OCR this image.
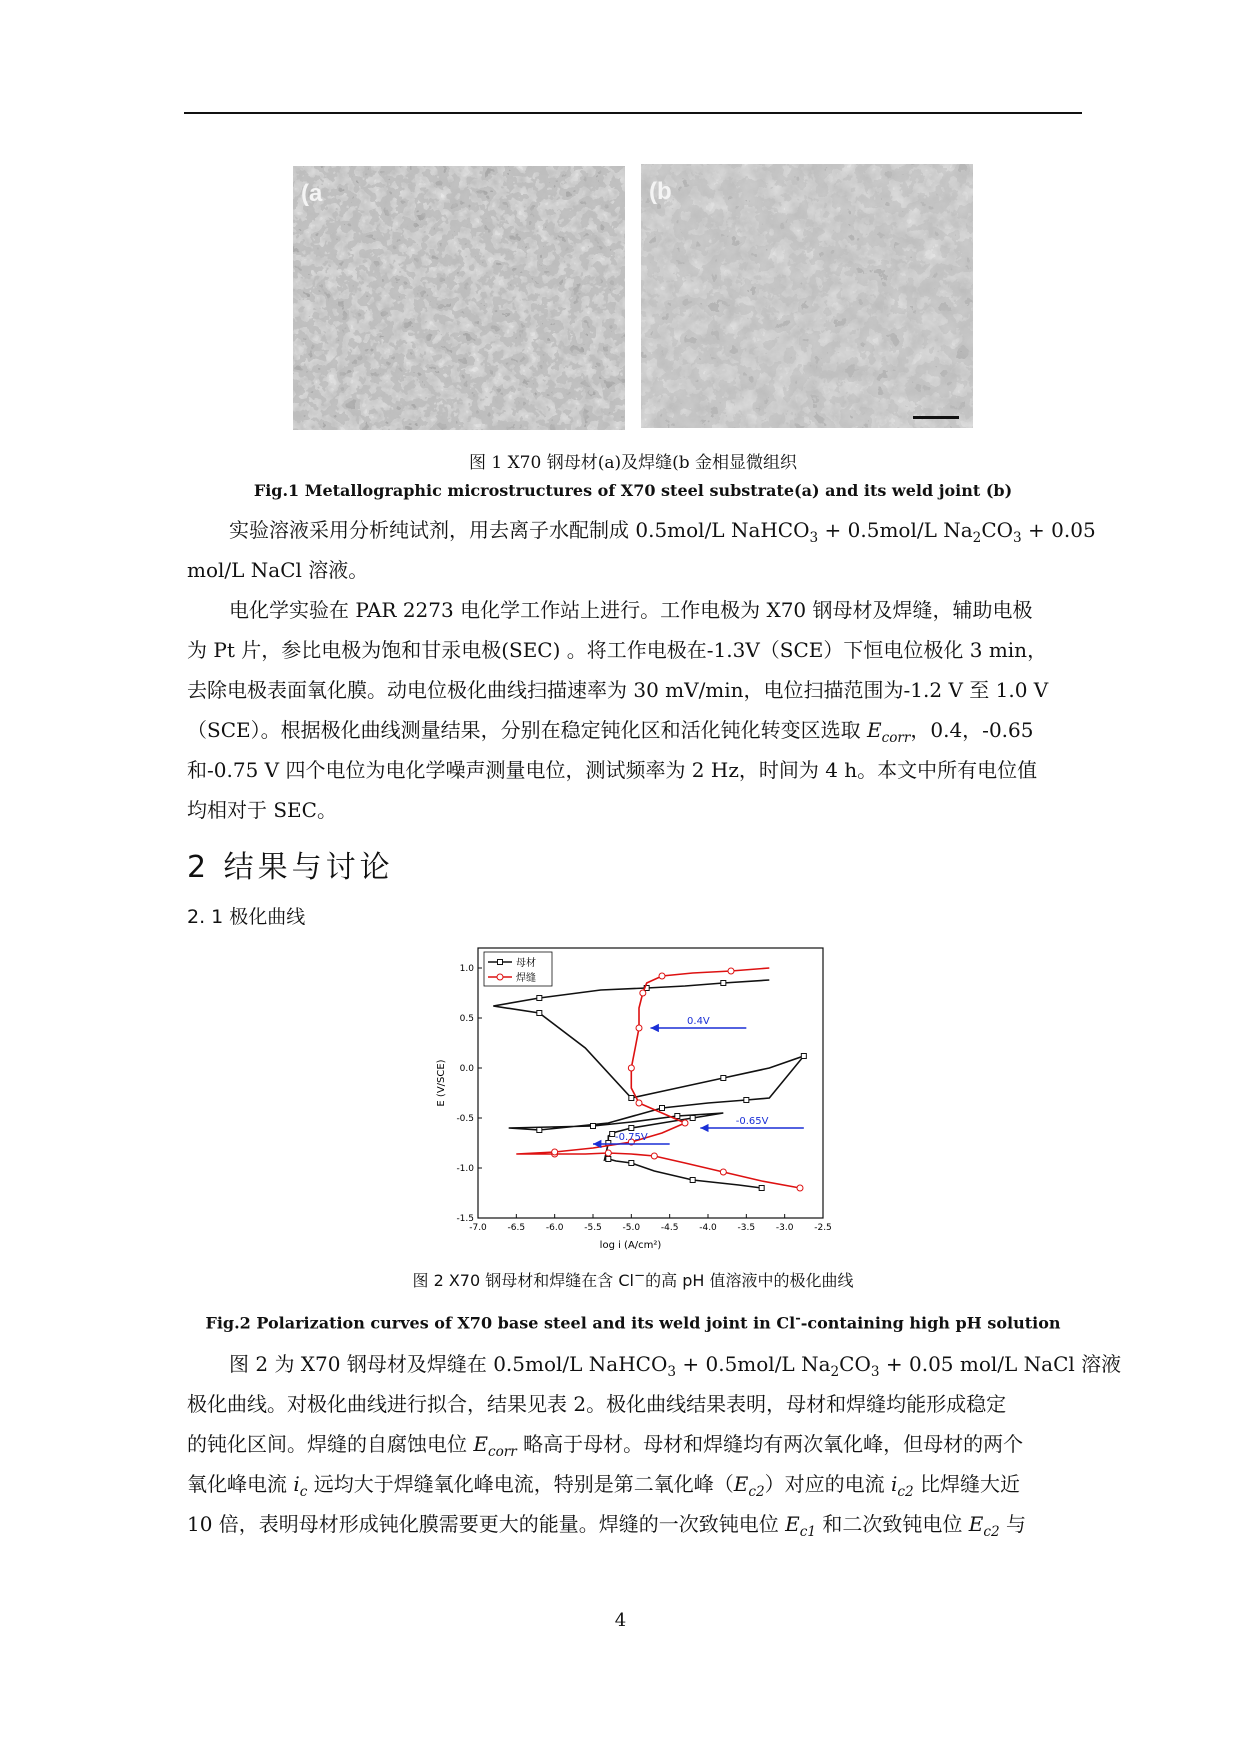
(a	(b
图 1 X70 钢母材(a)及焊缝(b 金相显微组织
Fig.1 Metallographic microstructures of X70 steel substrate(a) and its weld joint (b)
实验溶液采用分析纯试剂，用去离子水配制成 0.5mol/L NaHCO$_3$ + 0.5mol/L $Na_2CO_3 + 0.05$
mol/L NaCl 溶液。
电化学实验在 PAR 2273 电化学工作站上进行。工作电极为 X70 钢母材及焊缝，辅助电极
为 Pt 片，参比电极为饱和甘汞电极(SEC) 。将工作电极在-1.3V（SCE）下恒电位极化 3 min，
去除电极表面氧化膜。动电位极化曲线扫描速率为 30 mV/min，电位扫描范围为-1.2 V 至 1.0 V
（SCE）。根据极化曲线测量结果，分别在稳定钝化区和活化钝化转变区选取 $E_{corr}$，0.4，-0.65
和-0.75 V 四个电位为电化学噪声测量电位，测试频率为 2 Hz，时间为 4 h。本文中所有电位值
均相对于 SEC。
2 结果与讨论
2. 1 极化曲线
-7.0 -6.5 -6.0 -5.5 -5.0 -4.5 -4.0 -3.5 -3.0 -2.5
1.0
0.5
0.0
-0.5
-1.0
-1.5
log i (A/cm²)
E (V/SCE)
母材
焊缝
0.4V
-0.65V
-0.75V
图 2 X70 钢母材和焊缝在含 Cl−的高 pH 值溶液中的极化曲线
Fig.2 Polarization curves of X70 base steel and its weld joint in Cl--containing high pH solution
图 2 为 X70 钢母材及焊缝在 0.5mol/L NaHCO$_3$ + 0.5mol/L $Na_2CO_3 + 0.05$ mol/L NaCl 溶液
极化曲线。对极化曲线进行拟合，结果见表 2。极化曲线结果表明，母材和焊缝均能形成稳定
的钝化区间。焊缝的自腐蚀电位 $E_{corr}$ 略高于母材。母材和焊缝均有两次氧化峰，但母材的两个
氧化峰电流 $i_c$ 远均大于焊缝氧化峰电流，特别是第二氧化峰$(E_{c2})$对应的电流 $i_{c2}$ 比焊缝大近
10 倍，表明母材形成钝化膜需要更大的能量。焊缝的一次致钝电位 $E_{c1}$ 和二次致钝电位 $E_{c2}$ 与
4
